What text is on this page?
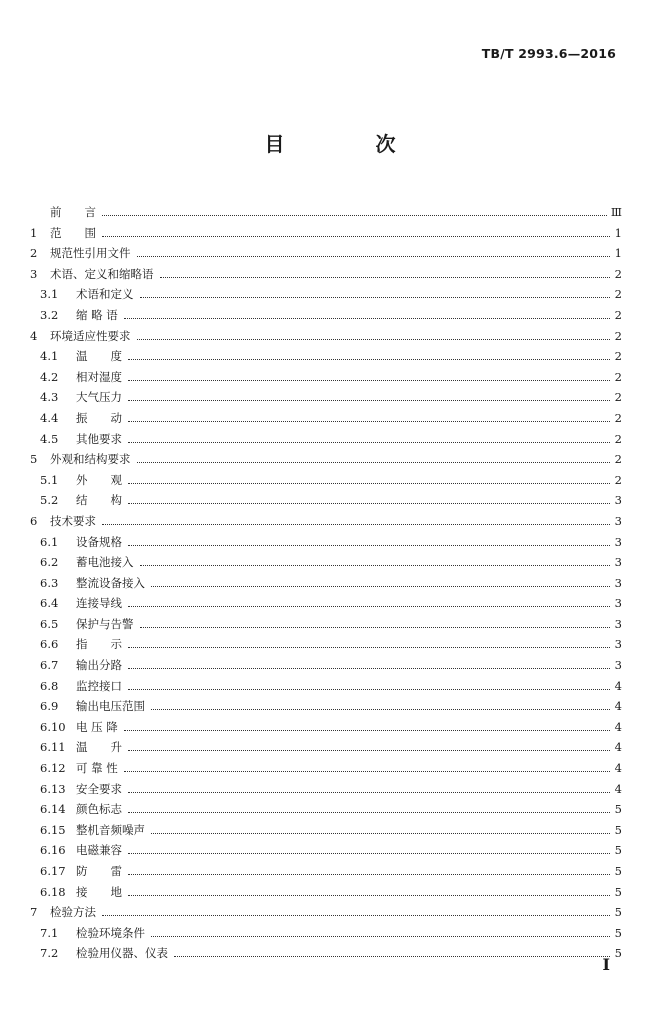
TB/T 2993.6—2016
目 次
前　　言	Ⅲ
1	范　　围	1
2	规范性引用文件	1
3	术语、定义和缩略语	2
3.1	术语和定义	2
3.2	缩 略 语	2
4	环境适应性要求	2
4.1	温　　度	2
4.2	相对湿度	2
4.3	大气压力	2
4.4	振　　动	2
4.5	其他要求	2
5	外观和结构要求	2
5.1	外　　观	2
5.2	结　　构	3
6	技术要求	3
6.1	设备规格	3
6.2	蓄电池接入	3
6.3	整流设备接入	3
6.4	连接导线	3
6.5	保护与告警	3
6.6	指　　示	3
6.7	输出分路	3
6.8	监控接口	4
6.9	输出电压范围	4
6.10 电 压 降	4
6.11 温　　升	4
6.12 可 靠 性	4
6.13 安全要求	4
6.14 颜色标志	5
6.15 整机音频噪声	5
6.16 电磁兼容	5
6.17 防　　雷	5
6.18 接　　地	5
7	检验方法	5
7.1	检验环境条件	5
7.2	检验用仪器、仪表	5
I
